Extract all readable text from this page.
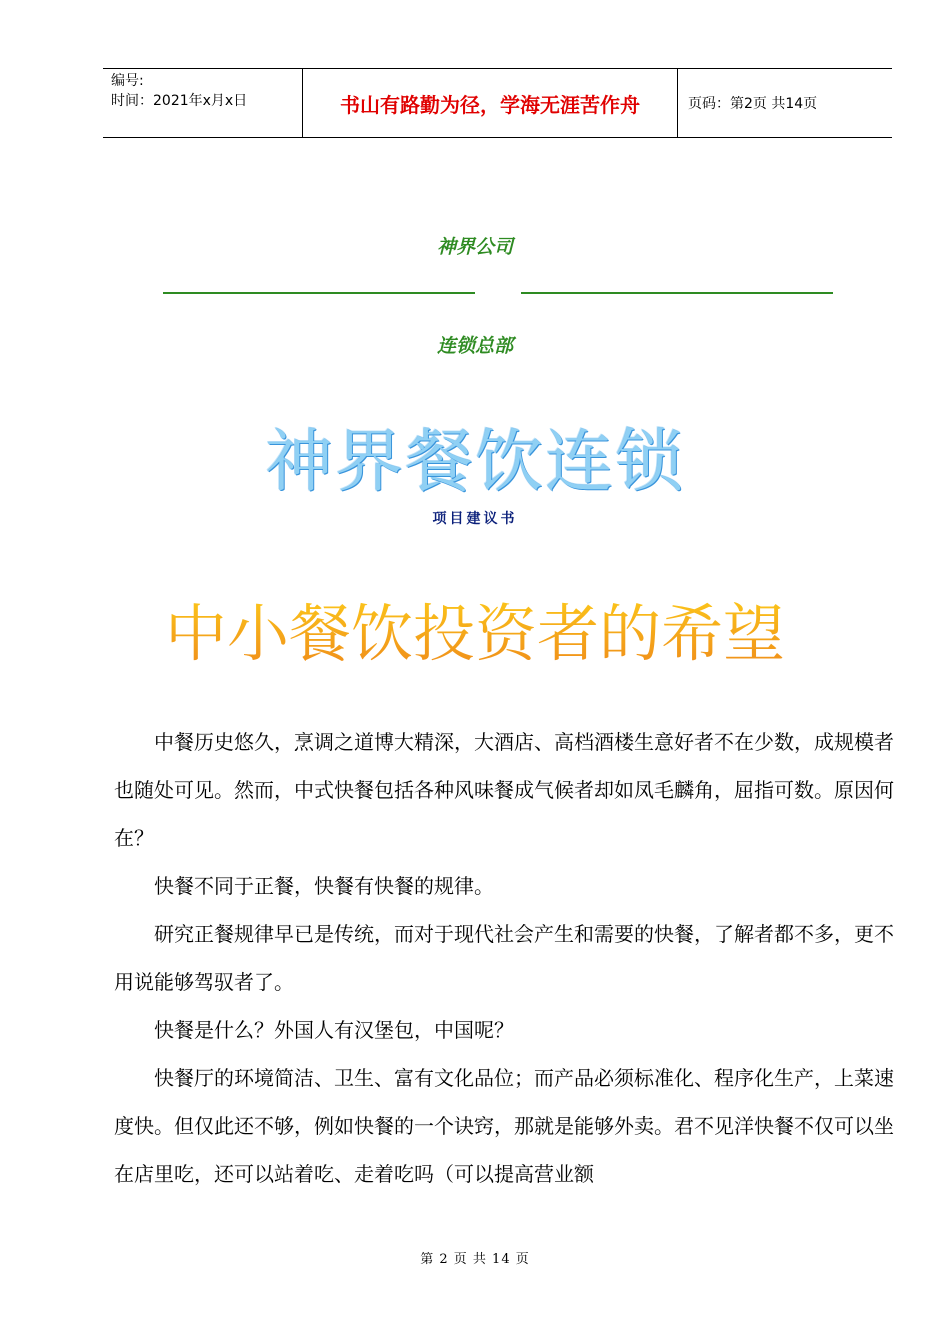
编号:
时间：2021年x月x日	书山有路勤为径，学海无涯苦作舟	页码：第2页 共14页
神界公司
连锁总部
神界餐饮连锁
项目建议书
中小餐饮投资者的希望

中餐历史悠久，烹调之道博大精深，大酒店、高档酒楼生意好者不在少数，成规模者也随处可见。然而，中式快餐包括各种风味餐成气候者却如凤毛麟角，屈指可数。原因何在？

快餐不同于正餐，快餐有快餐的规律。

研究正餐规律早已是传统，而对于现代社会产生和需要的快餐，了解者都不多，更不用说能够驾驭者了。

快餐是什么？外国人有汉堡包，中国呢？

快餐厅的环境简洁、卫生、富有文化品位；而产品必须标准化、程序化生产，上菜速度快。但仅此还不够，例如快餐的一个诀窍，那就是能够外卖。君不见洋快餐不仅可以坐在店里吃，还可以站着吃、走着吃吗（可以提高营业额

第 2 页 共 14 页
